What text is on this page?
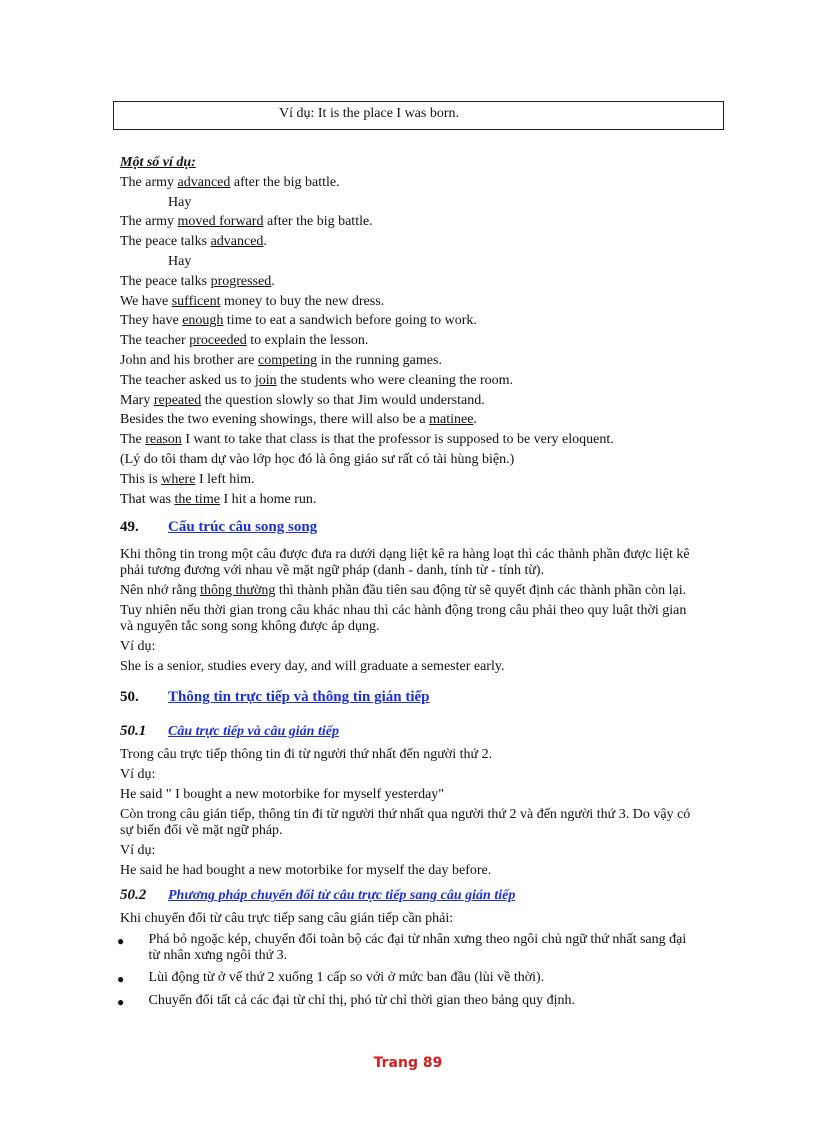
Ví dụ: It is the place I was born.
Một số ví dụ:
The army advanced after the big battle.
Hay
The army moved forward after the big battle.
The peace talks advanced.
Hay
The peace talks progressed.
We have sufficent money to buy the new dress.
They have enough time to eat a sandwich before going to work.
The teacher proceeded to explain the lesson.
John and his brother are competing in the running games.
The teacher asked us to join the students who were cleaning the room.
Mary repeated the question slowly so that Jim would understand.
Besides the two evening showings, there will also be a matinee.
The reason I want to take that class is that the professor is supposed to be very eloquent.
(Lý do tôi tham dự vào lớp học đó là ông giáo sư rất có tài hùng biện.)
This is where I left him.
That was the time I hit a home run.
49.	Cấu trúc câu song song
Khi thông tin trong một câu được đưa ra dưới dạng liệt kê ra hàng loạt thì các thành phần được liệt kê phải tương đương với nhau về mặt ngữ pháp (danh - danh, tính từ - tính từ).
Nên nhớ rằng thông thường thì thành phần đầu tiên sau động từ sẽ quyết định các thành phần còn lại.
Tuy nhiên nếu thời gian trong câu khác nhau thì các hành động trong câu phải theo quy luật thời gian và nguyên tắc song song không được áp dụng.
Ví dụ:
She is a senior, studies every day, and will graduate a semester early.
50.	Thông tin trực tiếp và thông tin gián tiếp
50.1	Câu trực tiếp và câu gián tiếp
Trong câu trực tiếp thông tin đi từ người thứ nhất đến người thứ 2.
Ví dụ:
He said " I bought a new motorbike for myself yesterday"
Còn trong câu gián tiếp, thông tin đi từ người thứ nhất qua người thứ 2 và đến người thứ 3. Do vậy có sự biến đổi về mặt ngữ pháp.
Ví dụ:
He said he had bought a new motorbike for myself the day before.
50.2	Phương pháp chuyển đổi từ câu trực tiếp sang câu gián tiếp
Khi chuyển đổi từ câu trực tiếp sang câu gián tiếp cần phải:
●	Phá bỏ ngoặc kép, chuyển đổi toàn bộ các đại từ nhân xưng theo ngôi chủ ngữ thứ nhất sang đại từ nhân xưng ngôi thứ 3.
●	Lùi động từ ở vế thứ 2 xuống 1 cấp so với ở mức ban đầu (lùi về thời).
●	Chuyển đổi tất cả các đại từ chỉ thị, phó từ chỉ thời gian theo bảng quy định.
Trang 89
